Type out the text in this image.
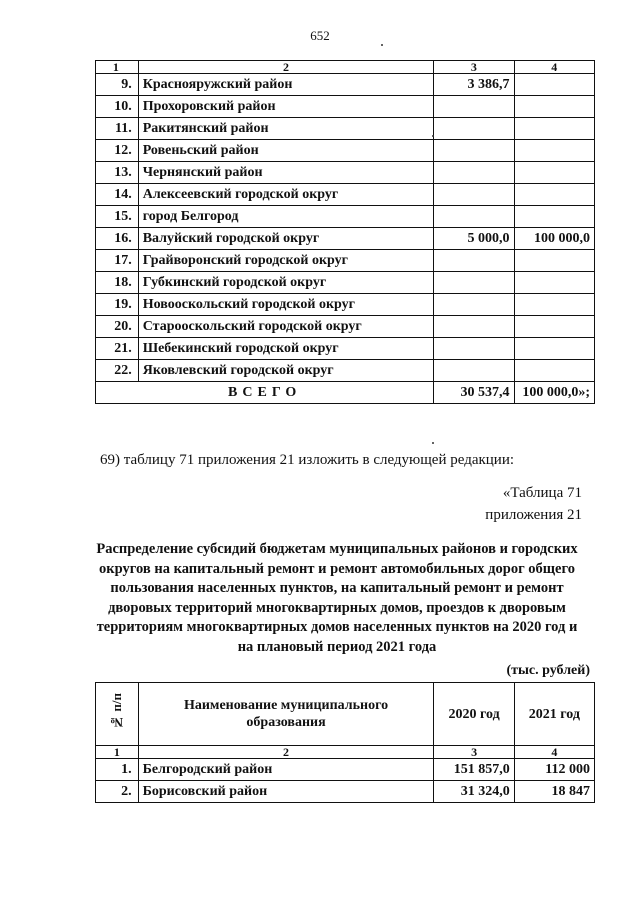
652
1	2	3	4
9.	Краснояружский район	3 386,7	
10.	Прохоровский район		
11.	Ракитянский район		
12.	Ровеньский район		
13.	Чернянский район		
14.	Алексеевский городской округ		
15.	город Белгород		
16.	Валуйский городской округ	5 000,0	100 000,0
17.	Грайворонский городской округ		
18.	Губкинский городской округ		
19.	Новооскольский городской округ		
20.	Старооскольский городской округ		
21.	Шебекинский городской округ		
22.	Яковлевский городской округ		
ВСЕГО		30 537,4	100 000,0»;
69) таблицу 71 приложения 21 изложить в следующей редакции:
«Таблица 71
приложения 21
Распределение субсидий бюджетам муниципальных районов и городских округов на капитальный ремонт и ремонт автомобильных дорог общего пользования населенных пунктов, на капитальный ремонт и ремонт дворовых территорий многоквартирных домов, проездов к дворовым территориям многоквартирных домов населенных пунктов на 2020 год и на плановый период 2021 года
(тыс. рублей)
№ п/п	Наименование муниципального образования	2020 год	2021 год
1	2	3	4
1.	Белгородский район	151 857,0	112 000
2.	Борисовский район	31 324,0	18 847
